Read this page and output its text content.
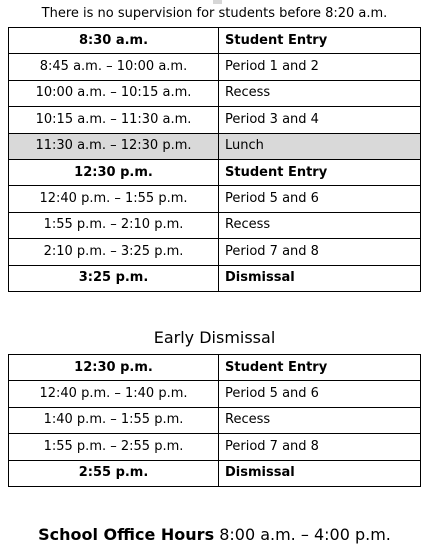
There is no supervision for students before 8:20 a.m.
8:30 a.m.	Student Entry
8:45 a.m. – 10:00 a.m.	Period 1 and 2
10:00 a.m. – 10:15 a.m.	Recess
10:15 a.m. – 11:30 a.m.	Period 3 and 4
11:30 a.m. – 12:30 p.m.	Lunch
12:30 p.m.	Student Entry
12:40 p.m. – 1:55 p.m.	Period 5 and 6
1:55 p.m. – 2:10 p.m.	Recess
2:10 p.m. – 3:25 p.m.	Period 7 and 8
3:25 p.m.	Dismissal
Early Dismissal
12:30 p.m.	Student Entry
12:40 p.m. – 1:40 p.m.	Period 5 and 6
1:40 p.m. – 1:55 p.m.	Recess
1:55 p.m. – 2:55 p.m.	Period 7 and 8
2:55 p.m.	Dismissal
School Office Hours 8:00 a.m. – 4:00 p.m.
